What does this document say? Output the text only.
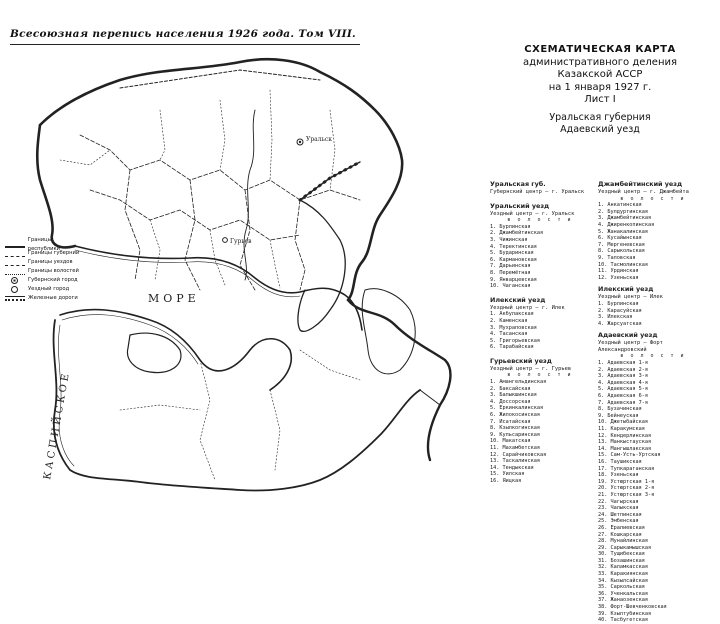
Всесоюзная перепись населения 1926 года. Том VIII.
СХЕМАТИЧЕСКАЯ КАРТА
административного деления
Казакской АССР
на 1 января 1927 г.
Лист I
Уральская губерния
Адаевский уезд
МОРЕ
КАСПИЙСКОЕ
Уральск
Гурьев
Границы республики
Границы губернии
Границы уездов
Границы волостей
Губернский город
Уездный город
Железные дороги
Уральская губ.
Губернский центр — г. Уральск
Уральский уезд
Уездный центр — г. Уральск
в о л о с т и
1. Бурлинская
2. Джамбейтинская
3. Чижинская
4. Теректинская
5. Бударинская
6. Кармановская
7. Дарьинская
8. Перемётная
9. Январцевская
10. Чаганская
Илекский уезд
Уездный центр — г. Илек
1. Акбулакская
2. Каменская
3. Мухраповская
4. Тасанская
5. Григорьевская
6. Тарабайская
Гурьевский уезд
Уездный центр — г. Гурьев
в о л о с т и
1. Амангельдинская
2. Баксайская
3. Балыкшинская
4. Доссорская
5. Еркинкалинская
6. Жилокосинская
7. Исатайская
8. Кзылкогинская
9. Кульсаринская
10. Макатская
11. Махамбетская
12. Сарайчиковская
13. Таскалинская
14. Тендыкская
15. Уилская
16. Яицкая
Джамбейтинский уезд
Уездный центр — г. Джамбейта
в о л о с т и
1. Анкатинская
2. Булдуртинская
3. Джамбейтинская
4. Джиренкопинская
5. Жанакалинская
6. Кусайынская
7. Мергеневская
8. Сарыкольская
9. Таловская
10. Тасмолинская
11. Урдинская
12. Узеньская
Илекский уезд
Уездный центр — Илек
1. Бурлинская
2. Карасуйская
3. Илекская
4. Жарсуатская
Адаевский уезд
Уездный центр — Форт Александровский
в о л о с т и
1. Адаевская 1-я
2. Адаевская 2-я
3. Адаевская 3-я
4. Адаевская 4-я
5. Адаевская 5-я
6. Адаевская 6-я
7. Адаевская 7-я
8. Бузачинская
9. Бейнеуская
10. Джетыбайская
11. Каракумская
12. Кендерлинская
13. Манкыстауская
14. Мангышлакская
15. Сам-Усть-Уртская
16. Таушикская
17. Тупкараганская
18. Узеньская
19. Устюртская 1-я
20. Устюртская 2-я
21. Устюртская 3-я
22. Чагырская
23. Чалыкская
24. Шетпинская
25. Эмбенская
26. Ералиевская
27. Кошкарская
28. Мунайлинская
29. Сарыкамышская
30. Тущибекская
31. Бозашинская
32. Каламкасская
33. Каракиянская
34. Кызылсайская
35. Саркольская
36. Ученкальская
37. Жанаозенская
38. Форт-Шевченковская
39. Кзылтубинская
40. Тасбугетская
